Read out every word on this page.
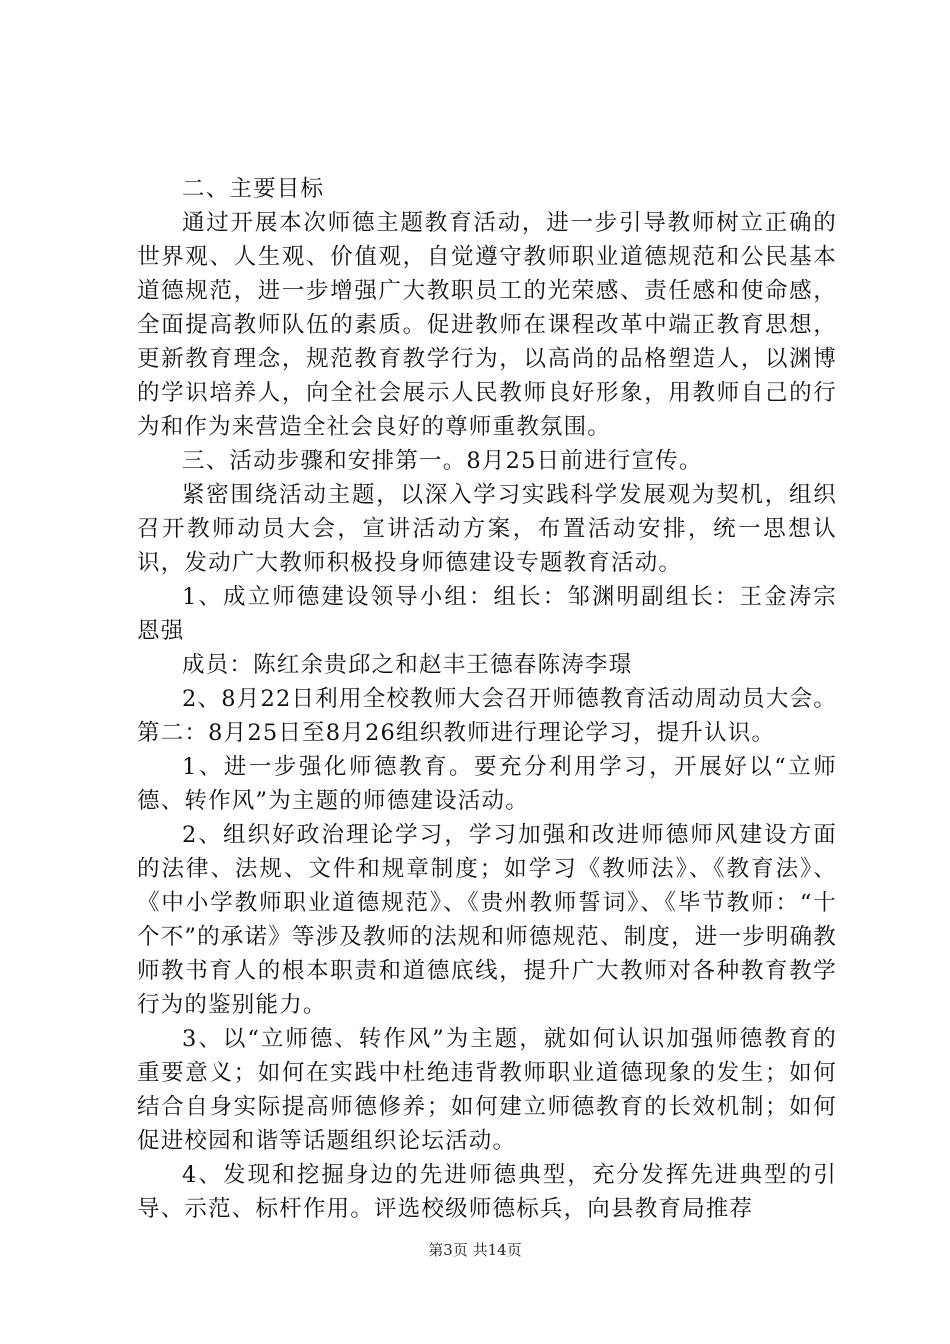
二、主要目标

通过开展本次师德主题教育活动，进一步引导教师树立正确的世界观、人生观、价值观，自觉遵守教师职业道德规范和公民基本道德规范，进一步增强广大教职员工的光荣感、责任感和使命感，全面提高教师队伍的素质。促进教师在课程改革中端正教育思想，更新教育理念，规范教育教学行为，以高尚的品格塑造人，以渊博的学识培养人，向全社会展示人民教师良好形象，用教师自己的行为和作为来营造全社会良好的尊师重教氛围。

三、活动步骤和安排第一。8月25日前进行宣传。

紧密围绕活动主题，以深入学习实践科学发展观为契机，组织召开教师动员大会，宣讲活动方案，布置活动安排，统一思想认识，发动广大教师积极投身师德建设专题教育活动。

1、成立师德建设领导小组：组长：邹渊明副组长：王金涛宗恩强

成员：陈红余贵邱之和赵丰王德春陈涛李璟

2、8月22日利用全校教师大会召开师德教育活动周动员大会。第二：8月25日至8月26组织教师进行理论学习，提升认识。

1、进一步强化师德教育。要充分利用学习，开展好以“立师德、转作风”为主题的师德建设活动。

2、组织好政治理论学习，学习加强和改进师德师风建设方面的法律、法规、文件和规章制度；如学习《教师法》、《教育法》、《中小学教师职业道德规范》、《贵州教师誓词》、《毕节教师：“十个不”的承诺》等涉及教师的法规和师德规范、制度，进一步明确教师教书育人的根本职责和道德底线，提升广大教师对各种教育教学行为的鉴别能力。

3、以“立师德、转作风”为主题，就如何认识加强师德教育的重要意义；如何在实践中杜绝违背教师职业道德现象的发生；如何结合自身实际提高师德修养；如何建立师德教育的长效机制；如何促进校园和谐等话题组织论坛活动。

4、发现和挖掘身边的先进师德典型，充分发挥先进典型的引导、示范、标杆作用。评选校级师德标兵，向县教育局推荐

第3页 共14页
